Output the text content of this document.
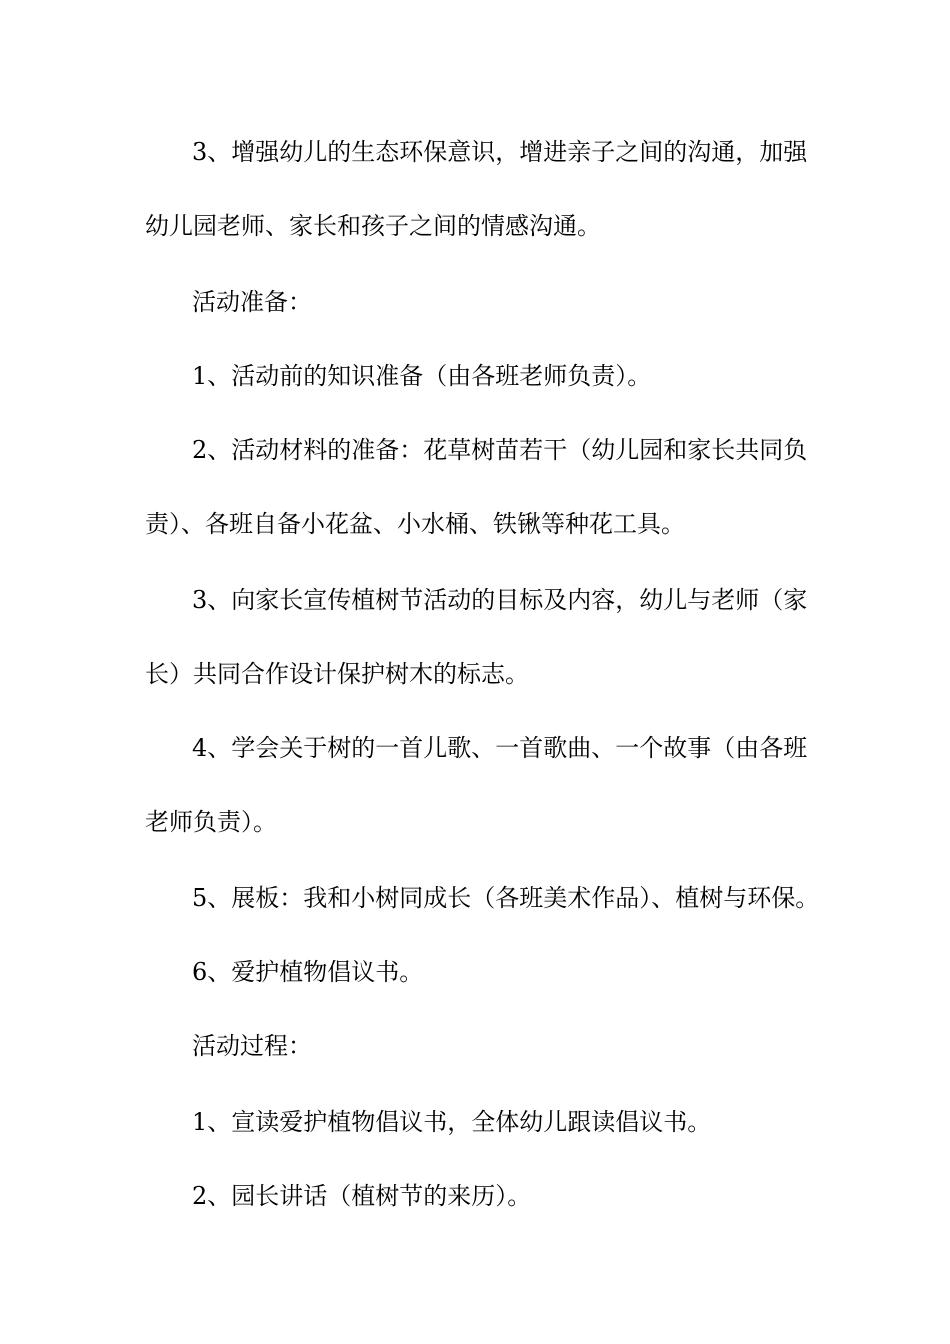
3、增强幼儿的生态环保意识，增进亲子之间的沟通，加强

幼儿园老师、家长和孩子之间的情感沟通。

活动准备：

1、活动前的知识准备（由各班老师负责）。

2、活动材料的准备：花草树苗若干（幼儿园和家长共同负

责）、各班自备小花盆、小水桶、铁锹等种花工具。

3、向家长宣传植树节活动的目标及内容，幼儿与老师（家

长）共同合作设计保护树木的标志。

4、学会关于树的一首儿歌、一首歌曲、一个故事（由各班

老师负责）。

5、展板：我和小树同成长（各班美术作品）、植树与环保。

6、爱护植物倡议书。

活动过程：

1、宣读爱护植物倡议书，全体幼儿跟读倡议书。

2、园长讲话（植树节的来历）。
